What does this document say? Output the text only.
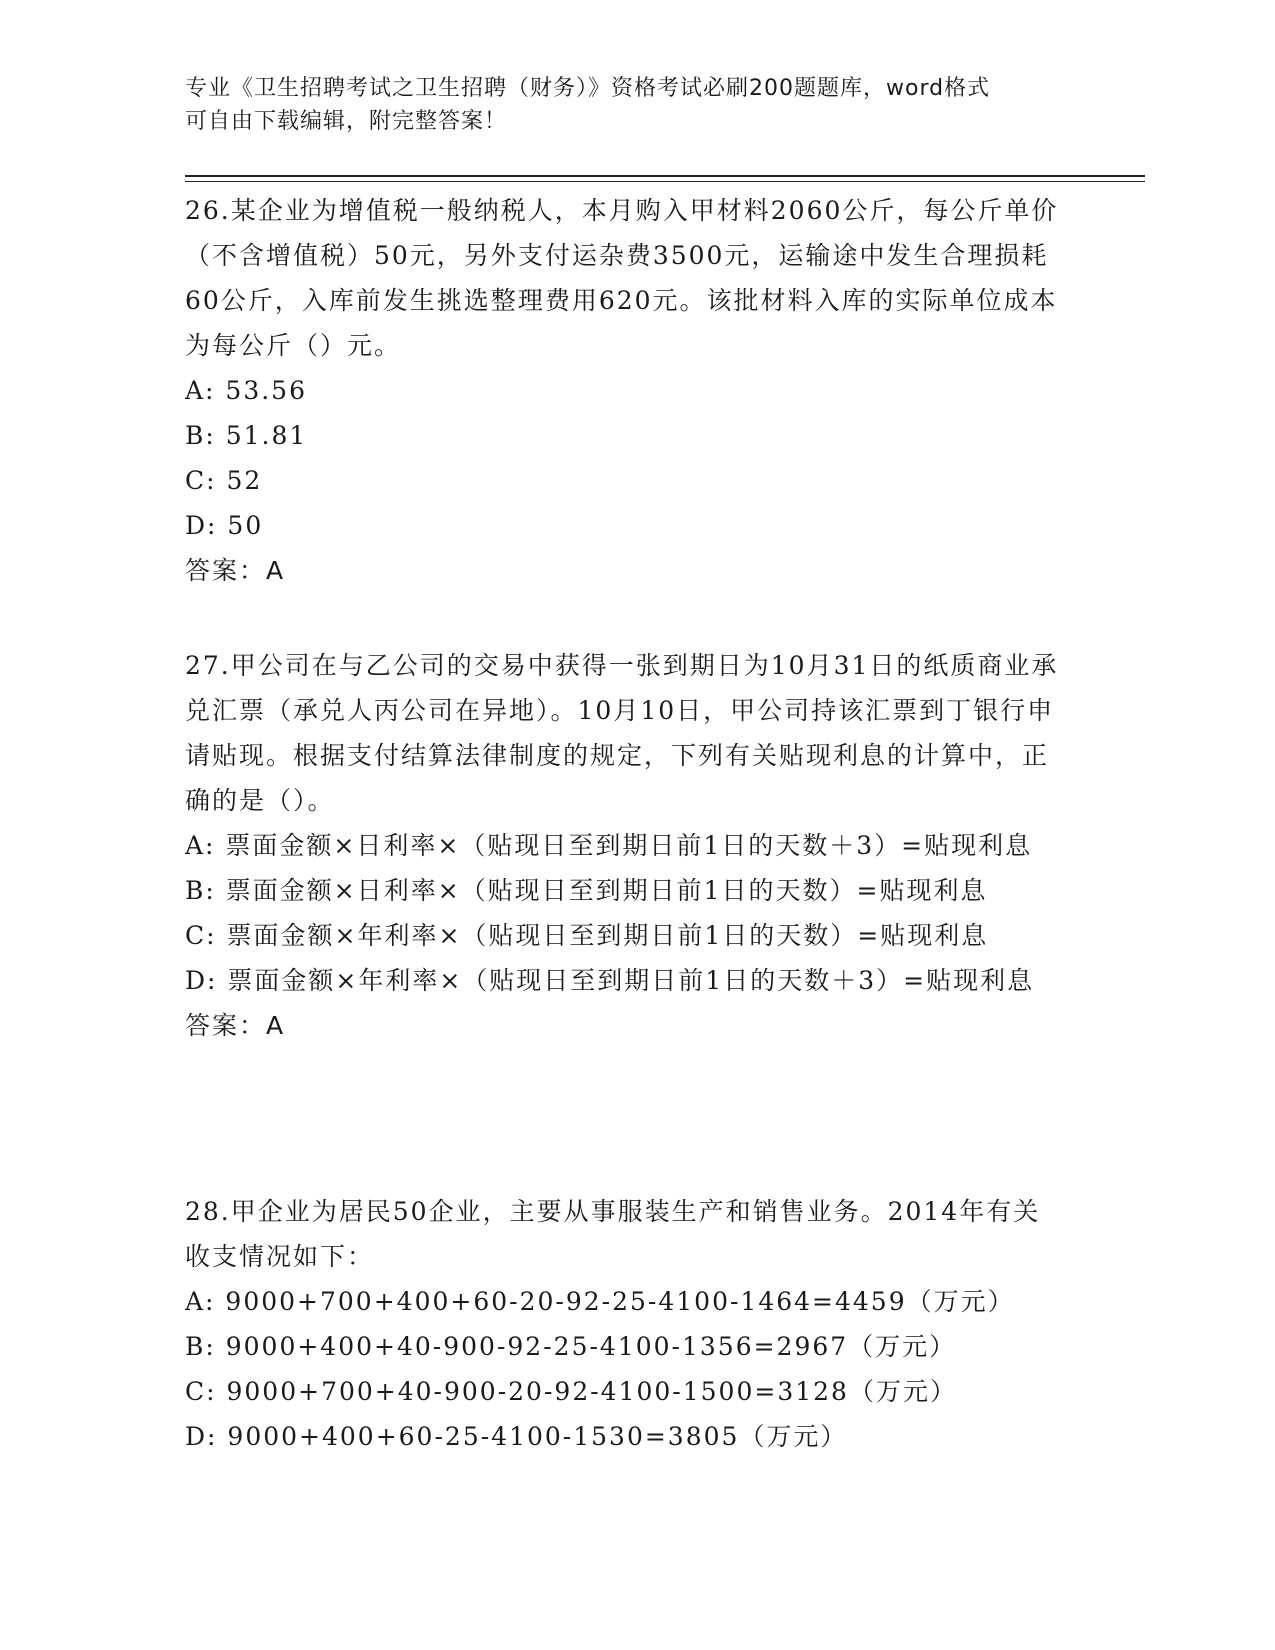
专业《卫生招聘考试之卫生招聘（财务）》资格考试必刷200题题库，word格式
可自由下载编辑，附完整答案！

26.某企业为增值税一般纳税人，本月购入甲材料2060公斤，每公斤单价（不含增值税）50元，另外支付运杂费3500元，运输途中发生合理损耗60公斤，入库前发生挑选整理费用620元。该批材料入库的实际单位成本为每公斤（）元。

A: 53.56

B: 51.81

C: 52

D: 50

答案：A

27.甲公司在与乙公司的交易中获得一张到期日为10月31日的纸质商业承兑汇票（承兑人丙公司在异地）。10月10日，甲公司持该汇票到丁银行申请贴现。根据支付结算法律制度的规定，下列有关贴现利息的计算中，正确的是（）。

A: 票面金额×日利率×（贴现日至到期日前1日的天数＋3）=贴现利息

B: 票面金额×日利率×（贴现日至到期日前1日的天数）=贴现利息

C: 票面金额×年利率×（贴现日至到期日前1日的天数）=贴现利息

D: 票面金额×年利率×（贴现日至到期日前1日的天数＋3）=贴现利息

答案：A

28.甲企业为居民50企业，主要从事服装生产和销售业务。2014年有关收支情况如下：

A: 9000+700+400+60-20-92-25-4100-1464=4459（万元）

B: 9000+400+40-900-92-25-4100-1356=2967（万元）

C: 9000+700+40-900-20-92-4100-1500=3128（万元）

D: 9000+400+60-25-4100-1530=3805（万元）
